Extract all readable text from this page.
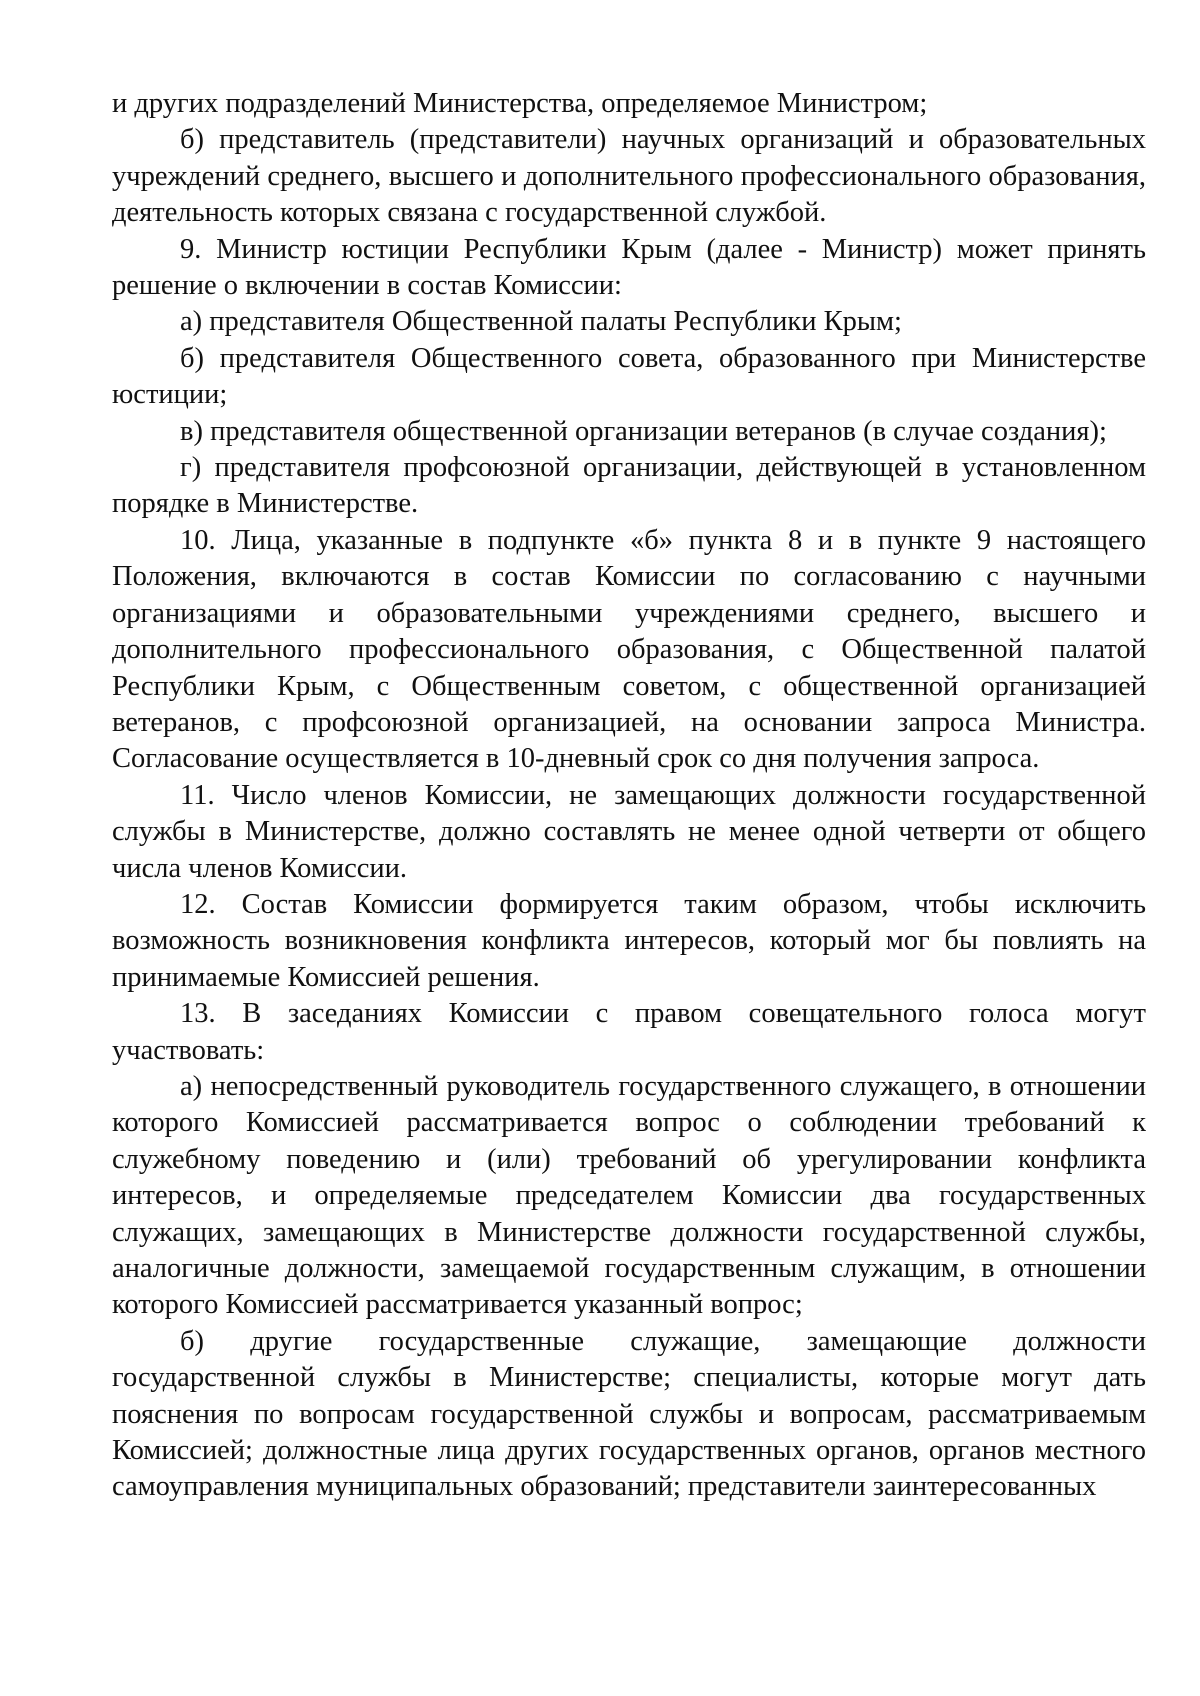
и других подразделений Министерства, определяемое Министром;

б) представитель (представители) научных организаций и образовательных учреждений среднего, высшего и дополнительного профессионального образования, деятельность которых связана с государственной службой.

9. Министр юстиции Республики Крым (далее - Министр) может принять решение о включении в состав Комиссии:

а) представителя Общественной палаты Республики Крым;

б) представителя Общественного совета, образованного при Министерстве юстиции;

в) представителя общественной организации ветеранов (в случае создания);

г) представителя профсоюзной организации, действующей в установленном порядке в Министерстве.

10. Лица, указанные в подпункте «б» пункта 8 и в пункте 9 настоящего Положения, включаются в состав Комиссии по согласованию с научными организациями и образовательными учреждениями среднего, высшего и дополнительного профессионального образования, с Общественной палатой Республики Крым, с Общественным советом, с общественной организацией ветеранов, с профсоюзной организацией, на основании запроса Министра. Согласование осуществляется в 10-дневный срок со дня получения запроса.

11. Число членов Комиссии, не замещающих должности государственной службы в Министерстве, должно составлять не менее одной четверти от общего числа членов Комиссии.

12. Состав Комиссии формируется таким образом, чтобы исключить возможность возникновения конфликта интересов, который мог бы повлиять на принимаемые Комиссией решения.

13. В заседаниях Комиссии с правом совещательного голоса могут участвовать:

а) непосредственный руководитель государственного служащего, в отношении которого Комиссией рассматривается вопрос о соблюдении требований к служебному поведению и (или) требований об урегулировании конфликта интересов, и определяемые председателем Комиссии два государственных служащих, замещающих в Министерстве должности государственной службы, аналогичные должности, замещаемой государственным служащим, в отношении которого Комиссией рассматривается указанный вопрос;

б) другие государственные служащие, замещающие должности государственной службы в Министерстве; специалисты, которые могут дать пояснения по вопросам государственной службы и вопросам, рассматриваемым Комиссией; должностные лица других государственных органов, органов местного самоуправления муниципальных образований; представители заинтересованных
